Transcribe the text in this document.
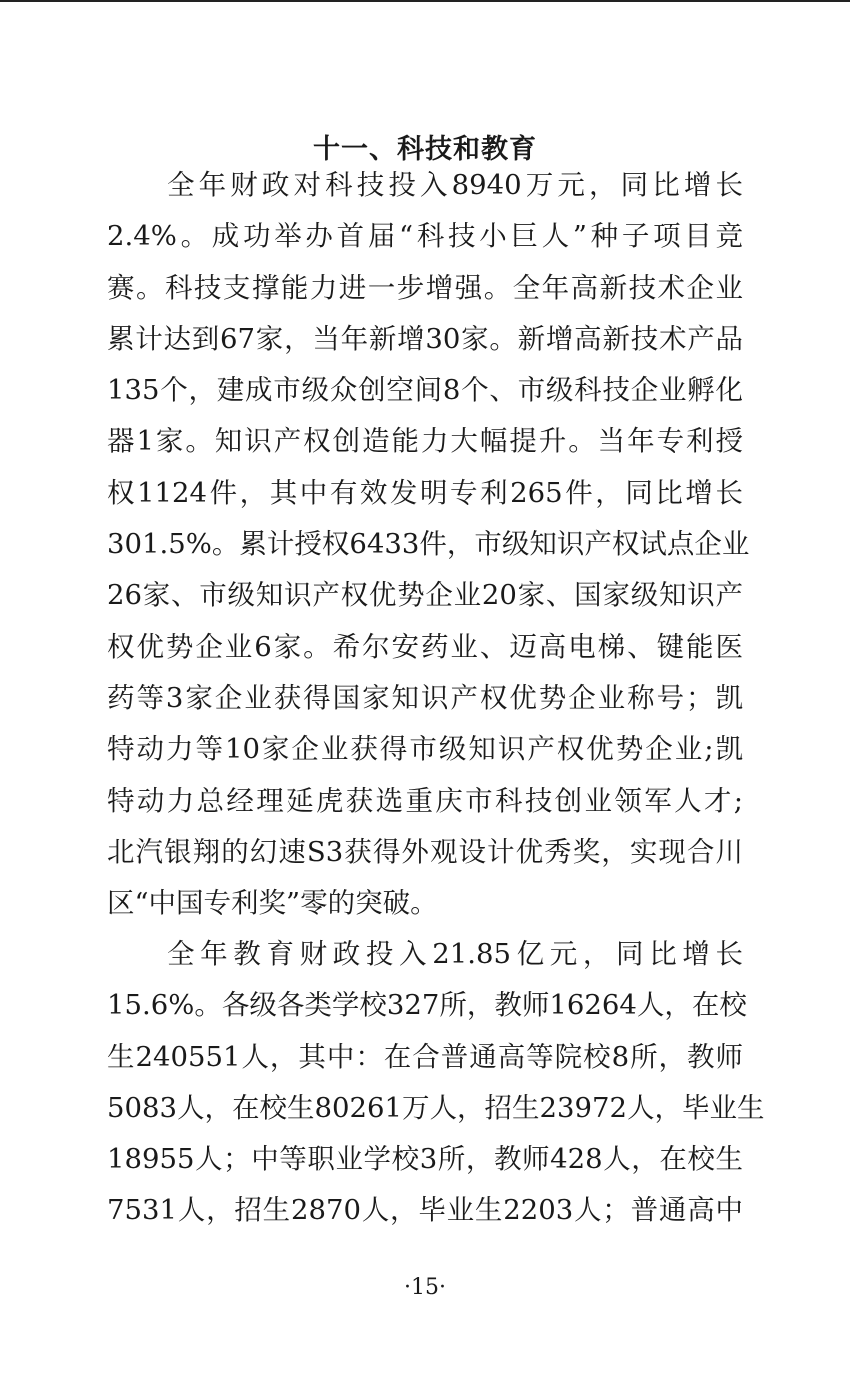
十一、科技和教育
全年财政对科技投入8940万元，同比增长
2.4%。成功举办首届“科技小巨人”种子项目竞
赛。科技支撑能力进一步增强。全年高新技术企业
累计达到67家，当年新增30家。新增高新技术产品
135个，建成市级众创空间8个、市级科技企业孵化
器1家。知识产权创造能力大幅提升。当年专利授
权1124件，其中有效发明专利265件，同比增长
301.5%。累计授权6433件，市级知识产权试点企业
26家、市级知识产权优势企业20家、国家级知识产
权优势企业6家。希尔安药业、迈高电梯、键能医
药等3家企业获得国家知识产权优势企业称号；凯
特动力等10家企业获得市级知识产权优势企业;凯
特动力总经理延虎获选重庆市科技创业领军人才;
北汽银翔的幻速S3获得外观设计优秀奖，实现合川
区“中国专利奖”零的突破。
全年教育财政投入21.85亿元，同比增长
15.6%。各级各类学校327所，教师16264人，在校
生240551人，其中：在合普通高等院校8所，教师
5083人，在校生80261万人，招生23972人，毕业生
18955人；中等职业学校3所，教师428人，在校生
7531人，招生2870人，毕业生2203人；普通高中
·15·
